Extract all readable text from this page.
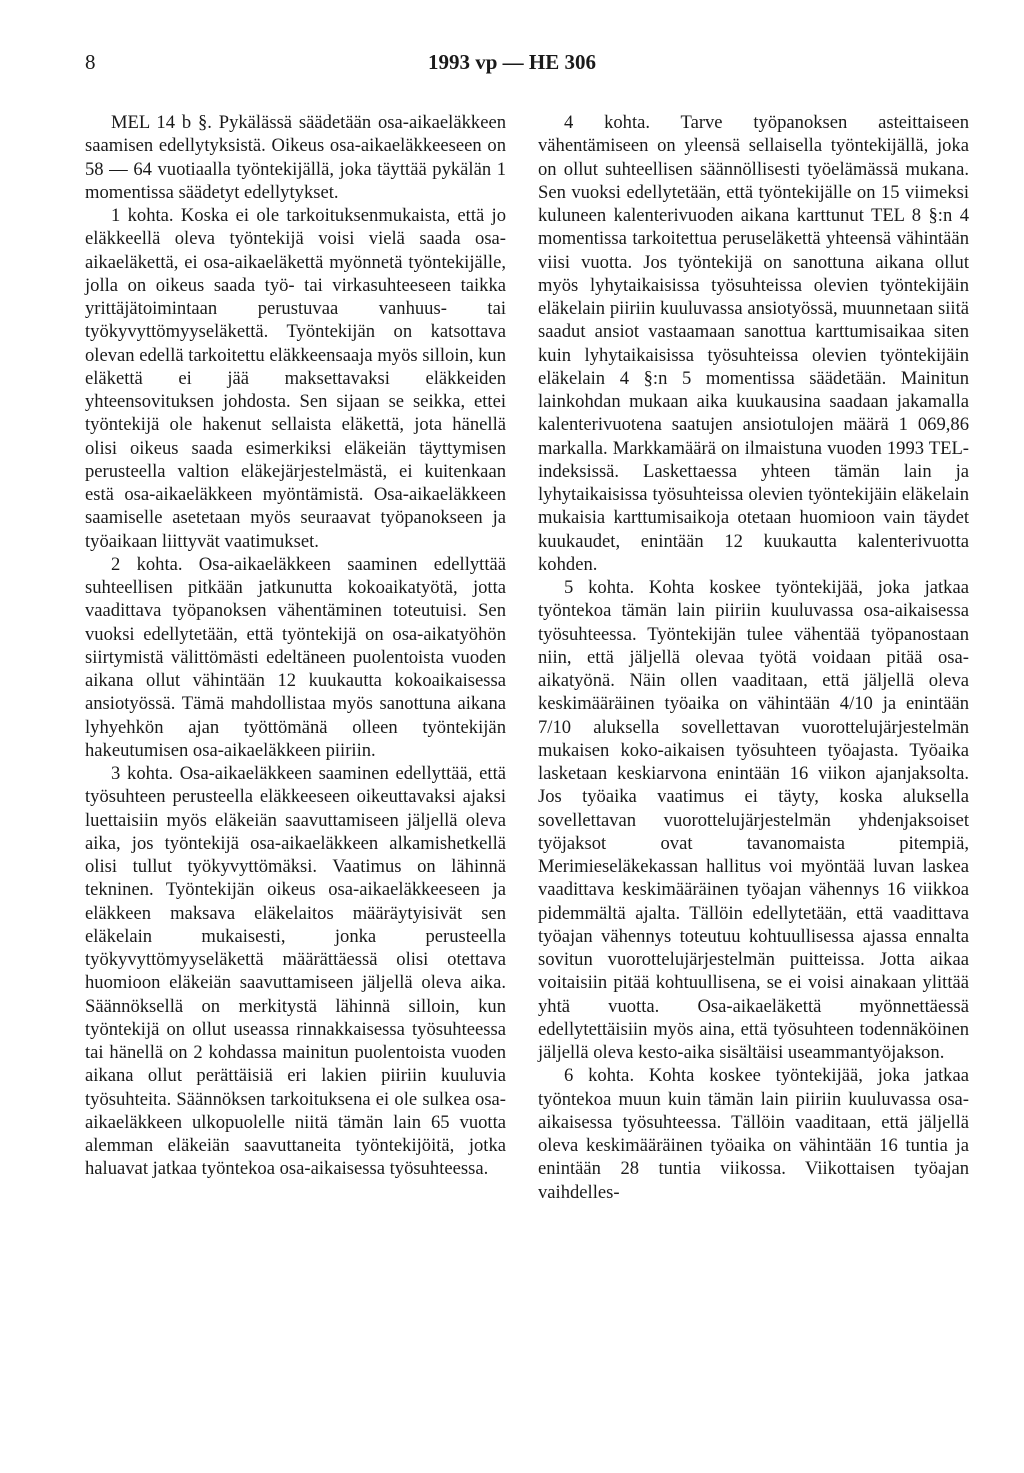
8	1993 vp — HE 306

MEL 14 b §. Pykälässä säädetään osa-aikaeläkkeen saamisen edellytyksistä. Oikeus osa-aikaeläkkeeseen on 58 — 64 vuotiaalla työntekijällä, joka täyttää pykälän 1 momentissa säädetyt edellytykset.

1 kohta. Koska ei ole tarkoituksenmukaista, että jo eläkkeellä oleva työntekijä voisi vielä saada osa-aikaeläkettä, ei osa-aikaeläkettä myönnetä työntekijälle, jolla on oikeus saada työ- tai virkasuhteeseen taikka yrittäjätoimintaan perustuvaa vanhuus- tai työkyvyttömyyseläkettä. Työntekijän on katsottava olevan edellä tarkoitettu eläkkeensaaja myös silloin, kun eläkettä ei jää maksettavaksi eläkkeiden yhteensovituksen johdosta. Sen sijaan se seikka, ettei työntekijä ole hakenut sellaista eläkettä, jota hänellä olisi oikeus saada esimerkiksi eläkeiän täyttymisen perusteella valtion eläkejärjestelmästä, ei kuitenkaan estä osa-aikaeläkkeen myöntämistä. Osa-aikaeläkkeen saamiselle asetetaan myös seuraavat työpanokseen ja työaikaan liittyvät vaatimukset.

2 kohta. Osa-aikaeläkkeen saaminen edellyttää suhteellisen pitkään jatkunutta kokoaikatyötä, jotta vaadittava työpanoksen vähentäminen toteutuisi. Sen vuoksi edellytetään, että työntekijä on osa-aikatyöhön siirtymistä välittömästi edeltäneen puolentoista vuoden aikana ollut vähintään 12 kuukautta kokoaikaisessa ansiotyössä. Tämä mahdollistaa myös sanottuna aikana lyhyehkön ajan työttömänä olleen työntekijän hakeutumisen osa-aikaeläkkeen piiriin.

3 kohta. Osa-aikaeläkkeen saaminen edellyttää, että työsuhteen perusteella eläkkeeseen oikeuttavaksi ajaksi luettaisiin myös eläkeiän saavuttamiseen jäljellä oleva aika, jos työntekijä osa-aikaeläkkeen alkamishetkellä olisi tullut työkyvyttömäksi. Vaatimus on lähinnä tekninen. Työntekijän oikeus osa-aikaeläkkeeseen ja eläkkeen maksava eläkelaitos määräytyisivät sen eläkelain mukaisesti, jonka perusteella työkyvyttömyyseläkettä määrättäessä olisi otettava huomioon eläkeiän saavuttamiseen jäljellä oleva aika. Säännöksellä on merkitystä lähinnä silloin, kun työntekijä on ollut useassa rinnakkaisessa työsuhteessa tai hänellä on 2 kohdassa mainitun puolentoista vuoden aikana ollut perättäisiä eri lakien piiriin kuuluvia työsuhteita. Säännöksen tarkoituksena ei ole sulkea osa-aikaeläkkeen ulkopuolelle niitä tämän lain 65 vuotta alemman eläkeiän saavuttaneita työntekijöitä, jotka haluavat jatkaa työntekoa osa-aikaisessa työsuhteessa.

4 kohta. Tarve työpanoksen asteittaiseen vähentämiseen on yleensä sellaisella työntekijällä, joka on ollut suhteellisen säännöllisesti työelämässä mukana. Sen vuoksi edellytetään, että työntekijälle on 15 viimeksi kuluneen kalenterivuoden aikana karttunut TEL 8 §:n 4 momentissa tarkoitettua peruseläkettä yhteensä vähintään viisi vuotta. Jos työntekijä on sanottuna aikana ollut myös lyhytaikaisissa työsuhteissa olevien työntekijäin eläkelain piiriin kuuluvassa ansiotyössä, muunnetaan siitä saadut ansiot vastaamaan sanottua karttumisaikaa siten kuin lyhytaikaisissa työsuhteissa olevien työntekijäin eläkelain 4 §:n 5 momentissa säädetään. Mainitun lainkohdan mukaan aika kuukausina saadaan jakamalla kalenterivuotena saatujen ansiotulojen määrä 1 069,86 markalla. Markkamäärä on ilmaistuna vuoden 1993 TEL-indeksissä. Laskettaessa yhteen tämän lain ja lyhytaikaisissa työsuhteissa olevien työntekijäin eläkelain mukaisia karttumisaikoja otetaan huomioon vain täydet kuukaudet, enintään 12 kuukautta kalenterivuotta kohden.

5 kohta. Kohta koskee työntekijää, joka jatkaa työntekoa tämän lain piiriin kuuluvassa osa-aikaisessa työsuhteessa. Työntekijän tulee vähentää työpanostaan niin, että jäljellä olevaa työtä voidaan pitää osa-aikatyönä. Näin ollen vaaditaan, että jäljellä oleva keskimääräinen työaika on vähintään 4/10 ja enintään 7/10 aluksella sovellettavan vuorottelujärjestelmän mukaisen koko-aikaisen työsuhteen työajasta. Työaika lasketaan keskiarvona enintään 16 viikon ajanjaksolta. Jos työaika vaatimus ei täyty, koska aluksella sovellettavan vuorottelujärjestelmän yhdenjaksoiset työjaksot ovat tavanomaista pitempiä, Merimieseläkekassan hallitus voi myöntää luvan laskea vaadittava keskimääräinen työajan vähennys 16 viikkoa pidemmältä ajalta. Tällöin edellytetään, että vaadittava työajan vähennys toteutuu kohtuullisessa ajassa ennalta sovitun vuorottelujärjestelmän puitteissa. Jotta aikaa voitaisiin pitää kohtuullisena, se ei voisi ainakaan ylittää yhtä vuotta. Osa-aikaeläkettä myönnettäessä edellytettäisiin myös aina, että työsuhteen todennäköinen jäljellä oleva kesto-aika sisältäisi useammantyöjakson.

6 kohta. Kohta koskee työntekijää, joka jatkaa työntekoa muun kuin tämän lain piiriin kuuluvassa osa-aikaisessa työsuhteessa. Tällöin vaaditaan, että jäljellä oleva keskimääräinen työaika on vähintään 16 tuntia ja enintään 28 tuntia viikossa. Viikottaisen työajan vaihdelles-
